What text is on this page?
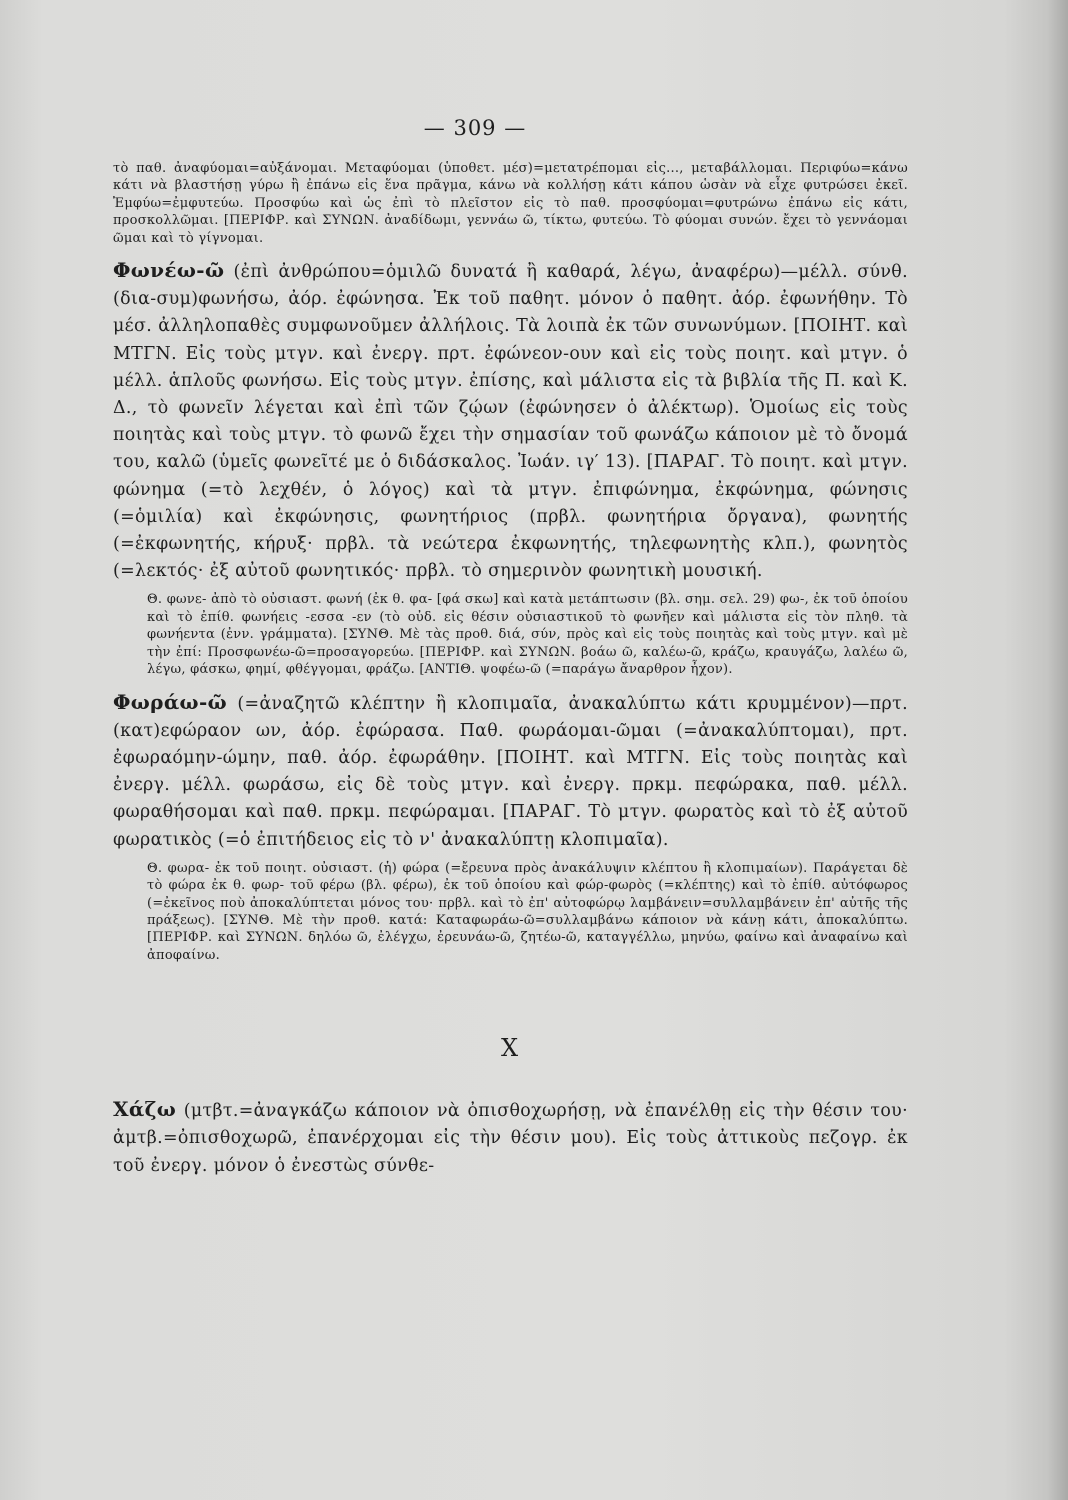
— 309 —

τὸ παθ. ἀναφύομαι=αὐξάνομαι. Μεταφύομαι (ὑποθετ. μέσ)=μετατρέπομαι εἰς..., μεταβάλλομαι. Περιφύω=κάνω κάτι νὰ βλαστήσῃ γύρω ἢ ἐπάνω εἰς ἕνα πρᾶγμα, κάνω νὰ κολλήσῃ κάτι κάπου ὡσὰν νὰ εἶχε φυτρώσει ἐκεῖ. Ἐμφύω=ἐμφυτεύω. Προσφύω καὶ ὡς ἐπὶ τὸ πλεῖστον εἰς τὸ παθ. προσφύομαι=φυτρώνω ἐπάνω εἰς κάτι, προσκολλῶμαι. [ΠΕΡΙΦΡ. καὶ ΣΥΝΩΝ. ἀναδίδωμι, γεννάω ῶ, τίκτω, φυτεύω. Τὸ φύομαι συνών. ἔχει τὸ γεννάομαι ῶμαι καὶ τὸ γίγνομαι.

Φωνέω-ῶ (ἐπὶ ἀνθρώπου=ὁμιλῶ δυνατά ἢ καθαρά, λέγω, ἀναφέρω)—μέλλ. σύνθ. (δια-συμ)φωνήσω, ἀόρ. ἐφώνησα. Ἐκ τοῦ παθητ. μόνον ὁ παθητ. ἀόρ. ἐφωνήθην. Τὸ μέσ. ἀλληλοπαθὲς συμφωνοῦμεν ἀλλήλοις. Τὰ λοιπὰ ἐκ τῶν συνωνύμων. [ΠΟΙΗΤ. καὶ ΜΤΓΝ. Εἰς τοὺς μτγν. καὶ ἐνεργ. πρτ. ἐφώνεον-ουν καὶ εἰς τοὺς ποιητ. καὶ μτγν. ὁ μέλλ. ἁπλοῦς φωνήσω. Εἰς τοὺς μτγν. ἐπίσης, καὶ μάλιστα εἰς τὰ βιβλία τῆς Π. καὶ Κ. Δ., τὸ φωνεῖν λέγεται καὶ ἐπὶ τῶν ζῴων (ἐφώνησεν ὁ ἀλέκτωρ). Ὁμοίως εἰς τοὺς ποιητὰς καὶ τοὺς μτγν. τὸ φωνῶ ἔχει τὴν σημασίαν τοῦ φωνάζω κάποιον μὲ τὸ ὄνομά του, καλῶ (ὑμεῖς φωνεῖτέ με ὁ διδάσκαλος. Ἰωάν. ιγ′ 13). [ΠΑΡΑΓ. Τὸ ποιητ. καὶ μτγν. φώνημα (=τὸ λεχθέν, ὁ λόγος) καὶ τὰ μτγν. ἐπιφώνημα, ἐκφώνημα, φώνησις (=ὁμιλία) καὶ ἐκφώνησις, φωνητήριος (πρβλ. φωνητήρια ὄργανα), φωνητής (=ἐκφωνητής, κήρυξ· πρβλ. τὰ νεώτερα ἐκφωνητής, τηλεφωνητὴς κλπ.), φωνητὸς (=λεκτός· ἐξ αὐτοῦ φωνητικός· πρβλ. τὸ σημερινὸν φωνητικὴ μουσική.

Θ. φωνε- ἀπὸ τὸ οὐσιαστ. φωνή (ἐκ θ. φα- [φά σκω] καὶ κατὰ μετάπτωσιν (βλ. σημ. σελ. 29) φω-, ἐκ τοῦ ὁποίου καὶ τὸ ἐπίθ. φωνήεις -εσσα -εν (τὸ οὐδ. εἰς θέσιν οὐσιαστικοῦ τὸ φωνῆεν καὶ μάλιστα εἰς τὸν πληθ. τὰ φωνήεντα (ἐνν. γράμματα). [ΣΥΝΘ. Μὲ τὰς προθ. διά, σύν, πρὸς καὶ εἰς τοὺς ποιητὰς καὶ τοὺς μτγν. καὶ μὲ τὴν ἐπί: Προσφωνέω-ῶ=προσαγορεύω. [ΠΕΡΙΦΡ. καὶ ΣΥΝΩΝ. βοάω ῶ, καλέω-ῶ, κράζω, κραυγάζω, λαλέω ῶ, λέγω, φάσκω, φημί, φθέγγομαι, φράζω. [ΑΝΤΙΘ. ψοφέω-ῶ (=παράγω ἄναρθρον ἦχον).

Φωράω-ῶ (=ἀναζητῶ κλέπτην ἢ κλοπιμαῖα, ἀνακαλύπτω κάτι κρυμμένον)—πρτ. (κατ)εφώραον ων, ἀόρ. ἐφώρασα. Παθ. φωράομαι-ῶμαι (=ἀνακαλύπτομαι), πρτ. ἐφωραόμην-ώμην, παθ. ἀόρ. ἐφωράθην. [ΠΟΙΗΤ. καὶ ΜΤΓΝ. Εἰς τοὺς ποιητὰς καὶ ἐνεργ. μέλλ. φωράσω, εἰς δὲ τοὺς μτγν. καὶ ἐνεργ. πρκμ. πεφώρακα, παθ. μέλλ. φωραθήσομαι καὶ παθ. πρκμ. πεφώραμαι. [ΠΑΡΑΓ. Τὸ μτγν. φωρατὸς καὶ τὸ ἐξ αὐτοῦ φωρατικὸς (=ὁ ἐπιτήδειος εἰς τὸ ν' ἀνακαλύπτῃ κλοπιμαῖα).

Θ. φωρα- ἐκ τοῦ ποιητ. οὐσιαστ. (ἡ) φώρα (=ἔρευνα πρὸς ἀνακάλυψιν κλέπτου ἢ κλοπιμαίων). Παράγεται δὲ τὸ φώρα ἐκ θ. φωρ- τοῦ φέρω (βλ. φέρω), ἐκ τοῦ ὁποίου καὶ φώρ-φωρὸς (=κλέπτης) καὶ τὸ ἐπίθ. αὐτόφωρος (=ἐκεῖνος ποὺ ἀποκαλύπτεται μόνος του· πρβλ. καὶ τὸ ἐπ' αὐτοφώρῳ λαμβάνειν=συλλαμβάνειν ἐπ' αὐτῆς τῆς πράξεως). [ΣΥΝΘ. Μὲ τὴν προθ. κατά: Καταφωράω-ῶ=συλλαμβάνω κάποιον νὰ κάνῃ κάτι, ἀποκαλύπτω. [ΠΕΡΙΦΡ. καὶ ΣΥΝΩΝ. δηλόω ῶ, ἐλέγχω, ἐρευνάω-ῶ, ζητέω-ῶ, καταγγέλλω, μηνύω, φαίνω καὶ ἀναφαίνω καὶ ἀποφαίνω.

X

Χάζω (μτβτ.=ἀναγκάζω κάποιον νὰ ὀπισθοχωρήσῃ, νὰ ἐπανέλθῃ εἰς τὴν θέσιν του· ἀμτβ.=ὀπισθοχωρῶ, ἐπανέρχομαι εἰς τὴν θέσιν μου). Εἰς τοὺς ἀττικοὺς πεζογρ. ἐκ τοῦ ἐνεργ. μόνον ὁ ἐνεστὼς σύνθε-
